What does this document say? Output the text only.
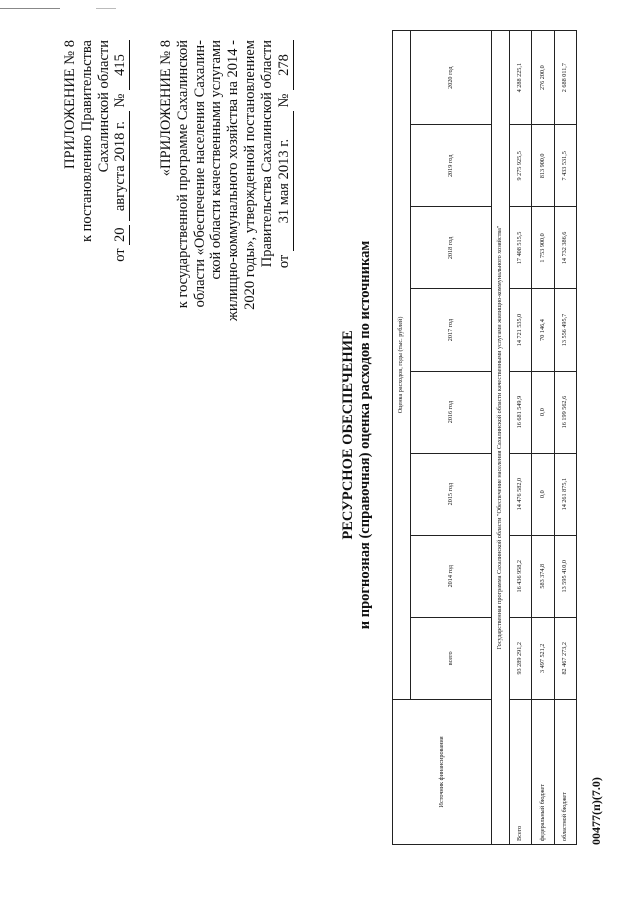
ПРИЛОЖЕНИЕ № 8 к постановлению Правительства Сахалинской области
от 20 августа 2018 г. № 415 «ПРИЛОЖЕНИЕ № 8 к государственной программе Сахалинской области «Обеспечение населения Сахалин- ской области качественными услугами жилищно-коммунального хозяйства на 2014 - 2020 годы», утвержденной постановлением Правительства Сахалинской области от 31 мая 2013 г. № 278
РЕСУРСНОЕ ОБЕСПЕЧЕНИЕ и прогнозная (справочная) оценка расходов по источникам
Источник финансирования	Оценка расходов, годы (тыс. рублей)							
	всего	2014 год	2015 год	2016 год	2017 год	2018 год	2019 год	2020 год
Государственная программа Сахалинской области "Обеспечение населения Сахалинской области качественными услугами жилищно-коммунального хозяйства"								
Всего	93 289 291,2	16 436 958,2	14 476 582,0	16 681 549,9	14 721 535,0	17 408 515,5	9 275 925,5	4 288 225,1
федеральный бюджет	3 497 521,2	583 374,8	0,0	0,0	70 146,4	1 753 900,0	813 900,0	276 200,0
областной бюджет	82 467 273,2	13 595 410,0	14 261 875,1	16 199 562,6	13 556 495,7	14 732 386,6	7 433 531,5	2 688 011,7
00477(п)(7.0)
